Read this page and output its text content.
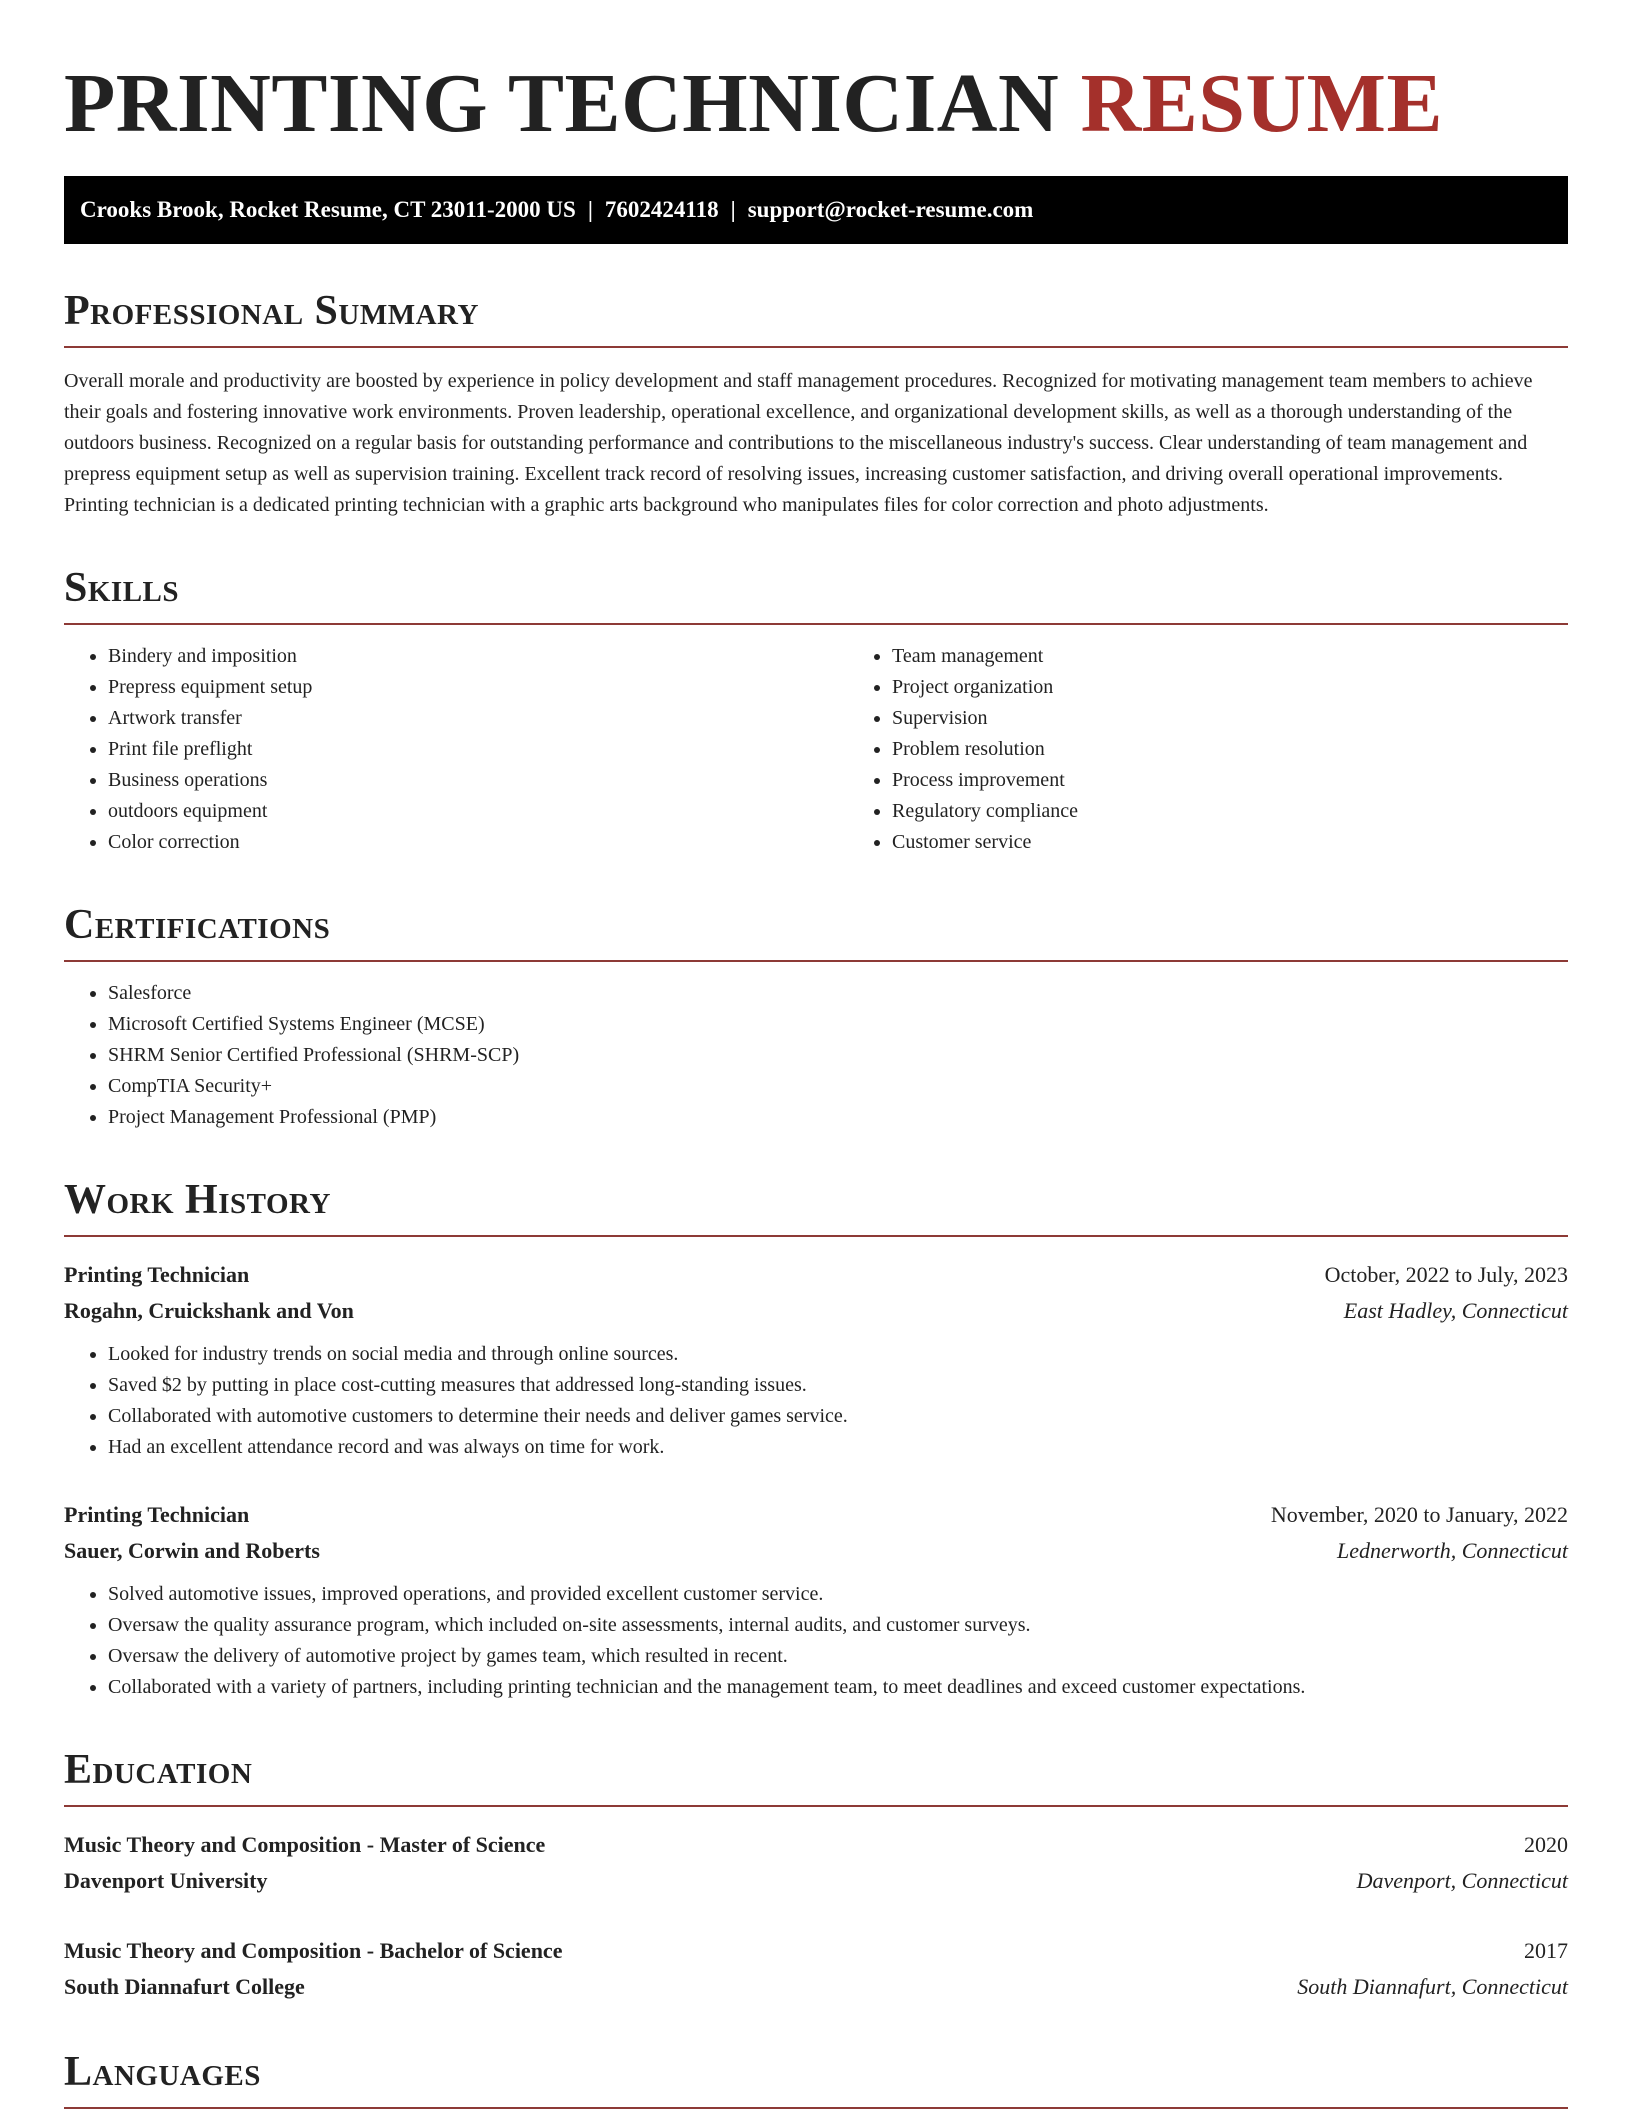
PRINTING TECHNICIAN RESUME
Crooks Brook, Rocket Resume, CT 23011-2000 US | 7602424118 | support@rocket-resume.com
Professional Summary

Overall morale and productivity are boosted by experience in policy development and staff management procedures. Recognized for motivating management team members to achieve their goals and fostering innovative work environments. Proven leadership, operational excellence, and organizational development skills, as well as a thorough understanding of the outdoors business. Recognized on a regular basis for outstanding performance and contributions to the miscellaneous industry's success. Clear understanding of team management and prepress equipment setup as well as supervision training. Excellent track record of resolving issues, increasing customer satisfaction, and driving overall operational improvements. Printing technician is a dedicated printing technician with a graphic arts background who manipulates files for color correction and photo adjustments.

Skills
• Bindery and imposition
• Prepress equipment setup
• Artwork transfer
• Print file preflight
• Business operations
• outdoors equipment
• Color correction
• Team management
• Project organization
• Supervision
• Problem resolution
• Process improvement
• Regulatory compliance
• Customer service
Certifications
• Salesforce
• Microsoft Certified Systems Engineer (MCSE)
• SHRM Senior Certified Professional (SHRM-SCP)
• CompTIA Security+
• Project Management Professional (PMP)
Work History
Printing Technician	October, 2022 to July, 2023
Rogahn, Cruickshank and Von	East Hadley, Connecticut
• Looked for industry trends on social media and through online sources.
• Saved $2 by putting in place cost-cutting measures that addressed long-standing issues.
• Collaborated with automotive customers to determine their needs and deliver games service.
• Had an excellent attendance record and was always on time for work.
Printing Technician	November, 2020 to January, 2022
Sauer, Corwin and Roberts	Lednerworth, Connecticut
• Solved automotive issues, improved operations, and provided excellent customer service.
• Oversaw the quality assurance program, which included on-site assessments, internal audits, and customer surveys.
• Oversaw the delivery of automotive project by games team, which resulted in recent.
• Collaborated with a variety of partners, including printing technician and the management team, to meet deadlines and exceed customer expectations.
Education
Music Theory and Composition - Master of Science	2020
Davenport University	Davenport, Connecticut
Music Theory and Composition - Bachelor of Science	2017
South Diannafurt College	South Diannafurt, Connecticut
Languages
